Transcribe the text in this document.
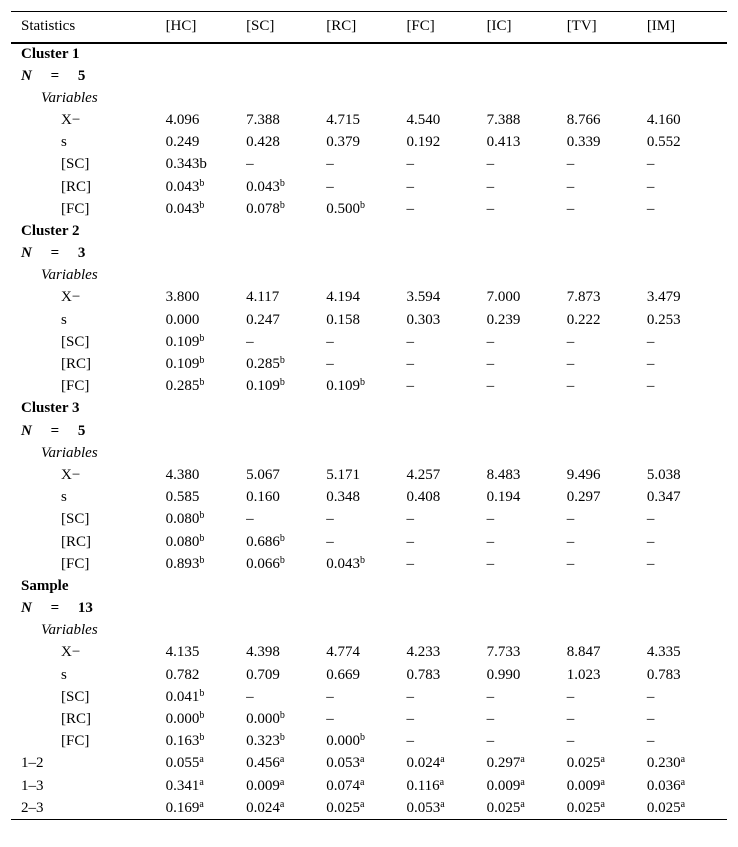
Statistics	[HC]	[SC]	[RC]	[FC]	[IC]	[TV]	[IM]
Cluster 1							
N = 5							
Variables							
X−	4.096	7.388	4.715	4.540	7.388	8.766	4.160
s	0.249	0.428	0.379	0.192	0.413	0.339	0.552
[SC]	0.343b	–	–	–	–	–	–
[RC]	0.043$^b$	0.043$^b$	–	–	–	–	–
[FC]	0.043$^b$	0.078$^b$	0.500$^b$	–	–	–	–
Cluster 2							
N = 3							
Variables							
X−	3.800	4.117	4.194	3.594	7.000	7.873	3.479
s	0.000	0.247	0.158	0.303	0.239	0.222	0.253
[SC]	0.109$^b$	–	–	–	–	–	–
[RC]	0.109$^b$	0.285$^b$	–	–	–	–	–
[FC]	0.285$^b$	0.109$^b$	0.109$^b$	–	–	–	–
Cluster 3							
N = 5							
Variables							
X−	4.380	5.067	5.171	4.257	8.483	9.496	5.038
s	0.585	0.160	0.348	0.408	0.194	0.297	0.347
[SC]	0.080$^b$	–	–	–	–	–	–
[RC]	0.080$^b$	0.686$^b$	–	–	–	–	–
[FC]	0.893$^b$	0.066$^b$	0.043$^b$	–	–	–	–
Sample							
N = 13							
Variables							
X−	4.135	4.398	4.774	4.233	7.733	8.847	4.335
s	0.782	0.709	0.669	0.783	0.990	1.023	0.783
[SC]	0.041$^b$	–	–	–	–	–	–
[RC]	0.000$^b$	0.000$^b$	–	–	–	–	–
[FC]	0.163$^b$	0.323$^b$	0.000$^b$	–	–	–	–
1–2	0.055$^a$	0.456$^a$	0.053$^a$	0.024$^a$	0.297$^a$	0.025$^a$	0.230$^a$
1–3	0.341$^a$	0.009$^a$	0.074$^a$	0.116$^a$	0.009$^a$	0.009$^a$	0.036$^a$
2–3	0.169$^a$	0.024$^a$	0.025$^a$	0.053$^a$	0.025$^a$	0.025$^a$	0.025$^a$
